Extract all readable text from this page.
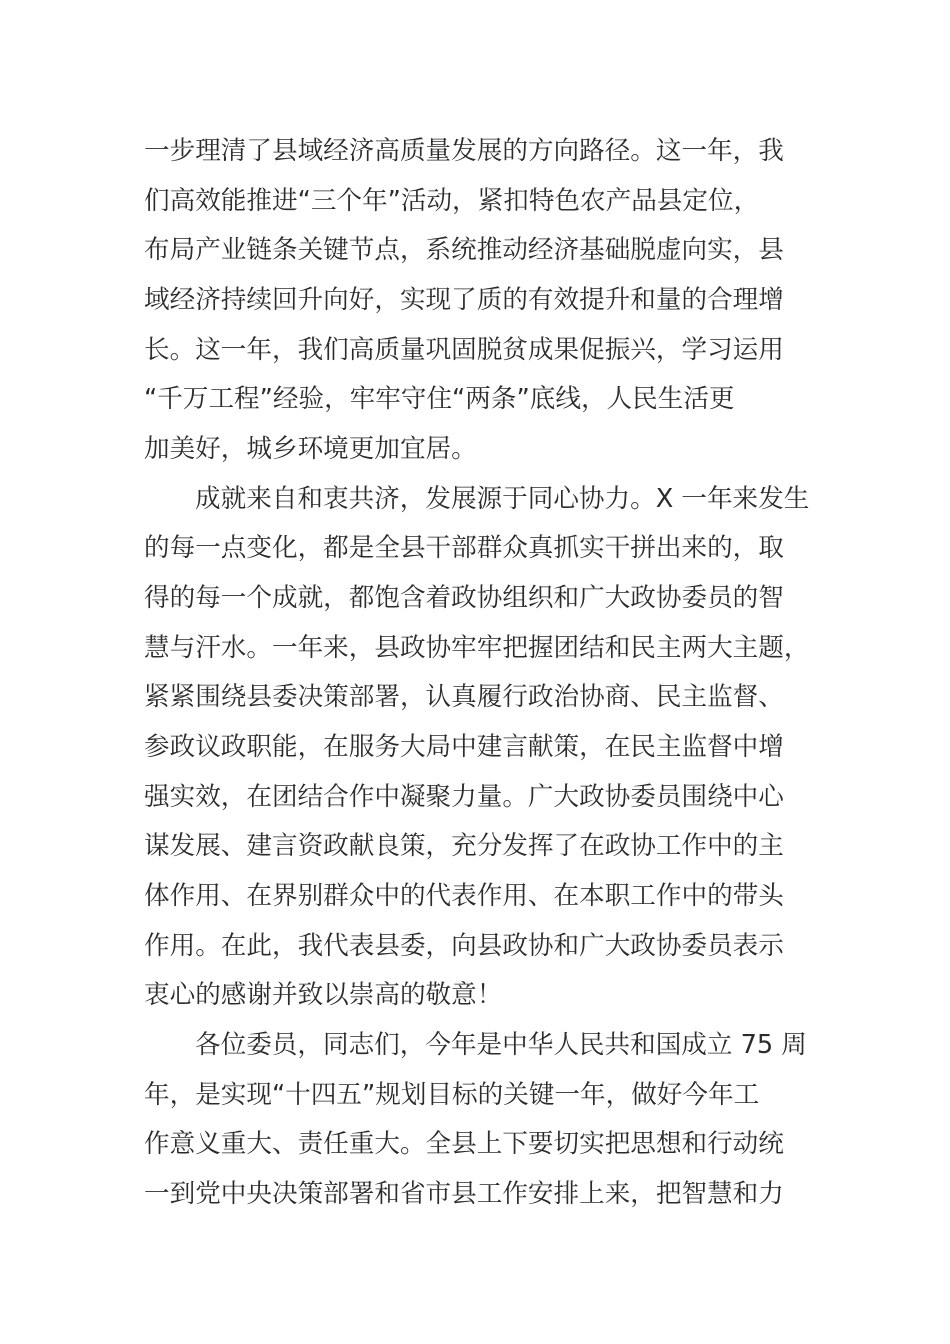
一步理清了县域经济高质量发展的方向路径。这一年，我
们高效能推进“三个年”活动，紧扣特色农产品县定位，
布局产业链条关键节点，系统推动经济基础脱虚向实，县
域经济持续回升向好，实现了质的有效提升和量的合理增
长。这一年，我们高质量巩固脱贫成果促振兴，学习运用
“千万工程”经验，牢牢守住“两条”底线，人民生活更
加美好，城乡环境更加宜居。
成就来自和衷共济，发展源于同心协力。X 一年来发生
的每一点变化，都是全县干部群众真抓实干拼出来的，取
得的每一个成就，都饱含着政协组织和广大政协委员的智
慧与汗水。一年来，县政协牢牢把握团结和民主两大主题，
紧紧围绕县委决策部署，认真履行政治协商、民主监督、
参政议政职能，在服务大局中建言献策，在民主监督中增
强实效，在团结合作中凝聚力量。广大政协委员围绕中心
谋发展、建言资政献良策，充分发挥了在政协工作中的主
体作用、在界别群众中的代表作用、在本职工作中的带头
作用。在此，我代表县委，向县政协和广大政协委员表示
衷心的感谢并致以崇高的敬意！
各位委员，同志们，今年是中华人民共和国成立 75 周
年，是实现“十四五”规划目标的关键一年，做好今年工
作意义重大、责任重大。全县上下要切实把思想和行动统
一到党中央决策部署和省市县工作安排上来，把智慧和力
